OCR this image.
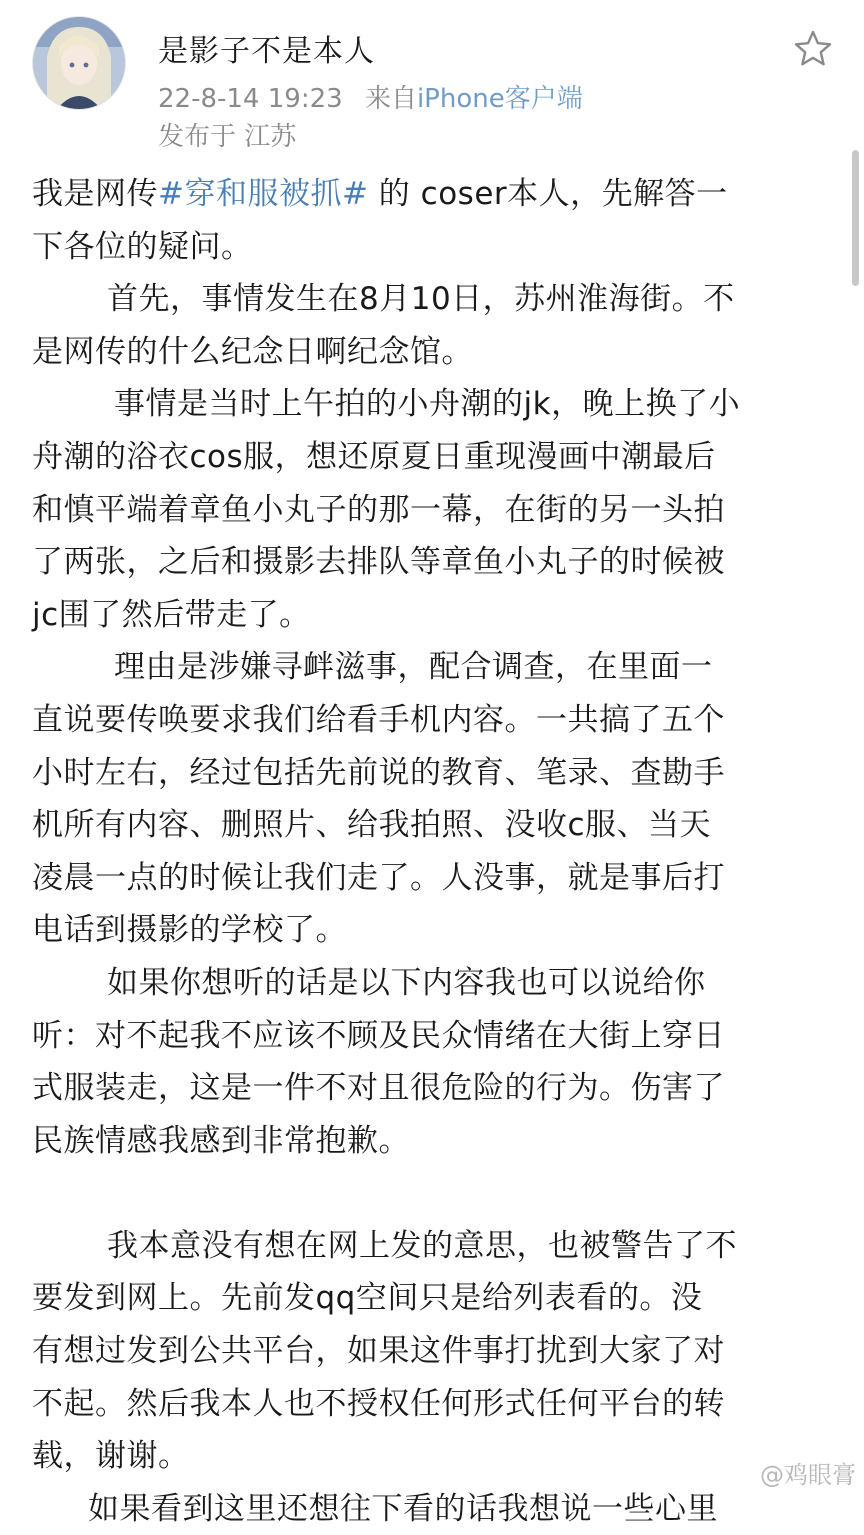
是影子不是本人
22-8-14 19:23 来自iPhone客户端
发布于 江苏
我是网传#穿和服被抓# 的 coser本人，先解答一
下各位的疑问。
首先，事情发生在8月10日，苏州淮海街。不
是网传的什么纪念日啊纪念馆。
事情是当时上午拍的小舟潮的jk，晚上换了小
舟潮的浴衣cos服，想还原夏日重现漫画中潮最后
和慎平端着章鱼小丸子的那一幕，在街的另一头拍
了两张，之后和摄影去排队等章鱼小丸子的时候被
jc围了然后带走了。
理由是涉嫌寻衅滋事，配合调查，在里面一
直说要传唤要求我们给看手机内容。一共搞了五个
小时左右，经过包括先前说的教育、笔录、查勘手
机所有内容、删照片、给我拍照、没收c服、当天
凌晨一点的时候让我们走了。人没事，就是事后打
电话到摄影的学校了。
如果你想听的话是以下内容我也可以说给你
听：对不起我不应该不顾及民众情绪在大街上穿日
式服装走，这是一件不对且很危险的行为。伤害了
民族情感我感到非常抱歉。
我本意没有想在网上发的意思，也被警告了不
要发到网上。先前发qq空间只是给列表看的。没
有想过发到公共平台，如果这件事打扰到大家了对
不起。然后我本人也不授权任何形式任何平台的转
载，谢谢。
如果看到这里还想往下看的话我想说一些心里
@鸡眼膏
